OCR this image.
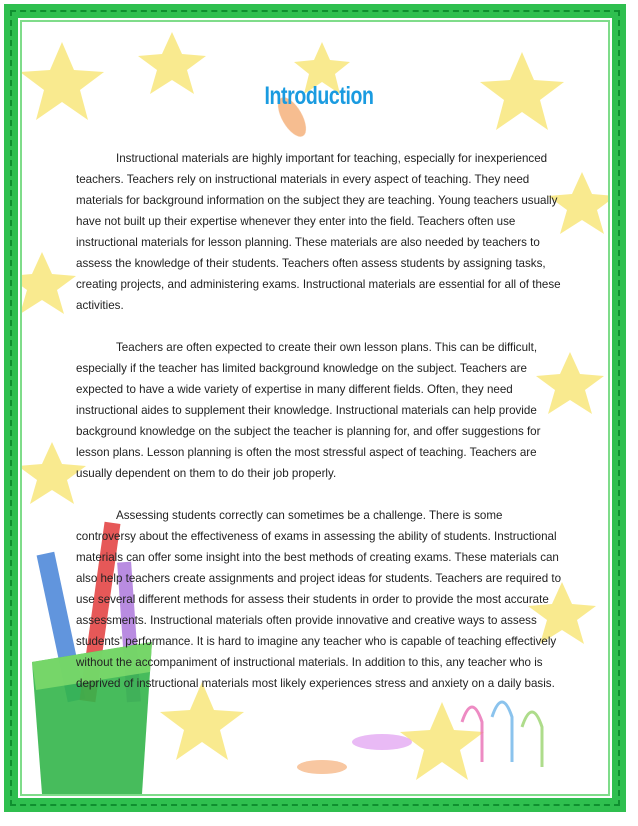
Introduction

Instructional materials are highly important for teaching, especially for inexperienced teachers. Teachers rely on instructional materials in every aspect of teaching. They need materials for background information on the subject they are teaching. Young teachers usually have not built up their expertise whenever they enter into the field. Teachers often use instructional materials for lesson planning. These materials are also needed by teachers to assess the knowledge of their students. Teachers often assess students by assigning tasks, creating projects, and administering exams. Instructional materials are essential for all of these activities.

Teachers are often expected to create their own lesson plans. This can be difficult, especially if the teacher has limited background knowledge on the subject. Teachers are expected to have a wide variety of expertise in many different fields. Often, they need instructional aides to supplement their knowledge. Instructional materials can help provide background knowledge on the subject the teacher is planning for, and offer suggestions for lesson plans. Lesson planning is often the most stressful aspect of teaching. Teachers are usually dependent on them to do their job properly.

Assessing students correctly can sometimes be a challenge. There is some controversy about the effectiveness of exams in assessing the ability of students. Instructional materials can offer some insight into the best methods of creating exams. These materials can also help teachers create assignments and project ideas for students. Teachers are required to use several different methods for assess their students in order to provide the most accurate assessments. Instructional materials often provide innovative and creative ways to assess students' performance. It is hard to imagine any teacher who is capable of teaching effectively without the accompaniment of instructional materials. In addition to this, any teacher who is deprived of instructional materials most likely experiences stress and anxiety on a daily basis.
